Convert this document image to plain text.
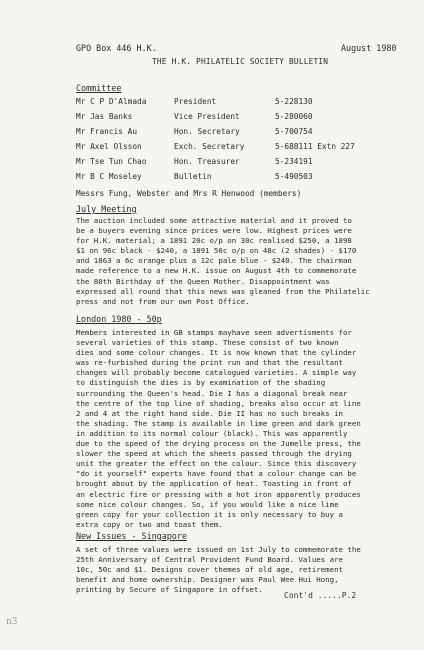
GPO Box 446 H.K.	August 1980
THE H.K. PHILATELIC SOCIETY BULLETIN
Committee
Mr C P D'Almada	President	5-228130
Mr Jas Banks	Vice President	5-280060
Mr Francis Au	Hon. Secretary	5-700754
Mr Axel Olsson	Exch. Secretary	5-688111 Extn 227
Mr Tse Tun Chao	Hon. Treasurer	5-234191
Mr B C Moseley	Bulletin	5-490503
Messrs Fung, Webster and Mrs R Henwood (members)
July Meeting
The auction included some attractive material and it proved to
be a buyers evening since prices were low. Highest prices were
for H.K. material; a 1891 20c o/p on 30c realised $250, a 1898
$1 on 96c black - $240, a 1891 50c o/p on 48c (2 shades) - $170
and 1863 a 6c orange plus a 12c pale blue - $240. The chairman
made reference to a new H.K. issue on August 4th to commemorate
the 80th Birthday of the Queen Mother. Disappointment was
expressed all round that this news was gleaned from the Philatelic
press and not from our own Post Office.
London 1980 - 50p
Members interested in GB stamps mayhave seen advertisments for
several varieties of this stamp. These consist of two known
dies and some colour changes. It is now known that the cylinder
was re-furbished during the print run and that the resultant
changes will probably become catalogued varieties. A simple way
to distinguish the dies is by examination of the shading
surrounding the Queen's head. Die I has a diagonal break near
the centre of the top line of shading, breaks also occur at line
2 and 4 at the right hand side. Die II has no such breaks in
the shading. The stamp is available in lime green and dark green
in addition to its normal colour (black). This was apparently
due to the speed of the drying process on the Jumelle press, the
slower the speed at which the sheets passed through the drying
unit the greater the effect on the colour. Since this discovery
"do it yourself" experts have found that a colour change can be
brought about by the application of heat. Toasting in front of
an electric fire or pressing with a hot iron apparently produces
some nice colour changes. So, if you would like a nice lime
green copy for your collection it is only necessary to buy a
extra copy or two and toast them.
New Issues - Singapore
A set of three values were issued on 1st July to commemorate the
25th Anniversary of Central Provident Fund Board. Values are
10c, 50c and $1. Designs cover themes of old age, retirement
benefit and home ownership. Designer was Paul Wee Hui Hong,
printing by Secure of Singapore in offset.
Cont'd .....P.2
n3
